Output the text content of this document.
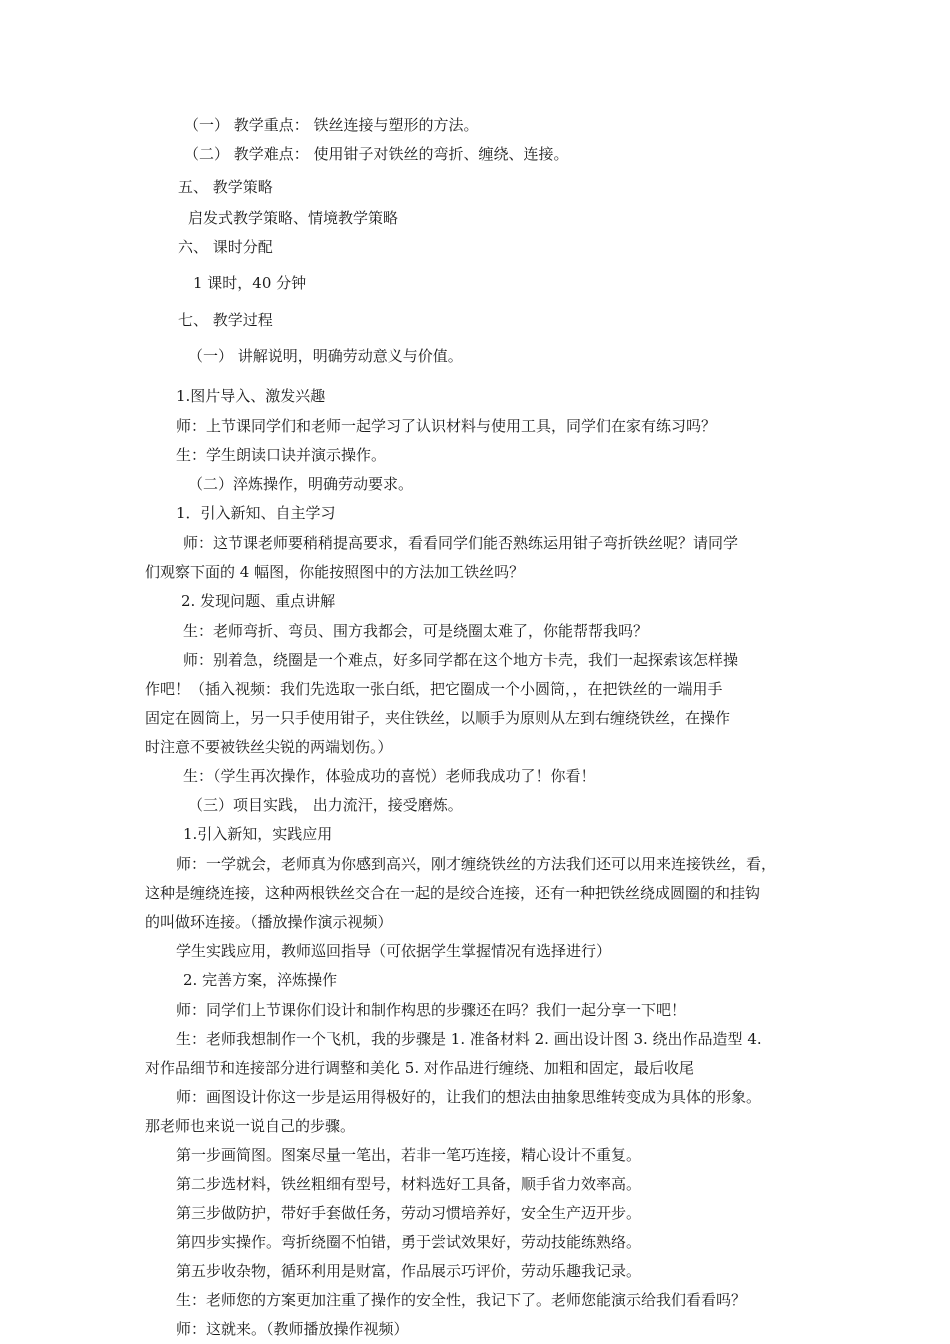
（一） 教学重点： 铁丝连接与塑形的方法。
（二） 教学难点： 使用钳子对铁丝的弯折、缠绕、连接。
五、 教学策略
启发式教学策略、情境教学策略
六、 课时分配
1 课时，40 分钟
七、 教学过程
（一） 讲解说明，明确劳动意义与价值。
1.图片导入、激发兴趣
师：上节课同学们和老师一起学习了认识材料与使用工具，同学们在家有练习吗？
生：学生朗读口诀并演示操作。
（二）淬炼操作，明确劳动要求。
1．引入新知、自主学习
师：这节课老师要稍稍提高要求，看看同学们能否熟练运用钳子弯折铁丝呢？请同学
们观察下面的 4 幅图，你能按照图中的方法加工铁丝吗？
2. 发现问题、重点讲解
生：老师弯折、弯员、围方我都会，可是绕圈太难了，你能帮帮我吗？
师：别着急，绕圈是一个难点，好多同学都在这个地方卡壳，我们一起探索该怎样操
作吧！（插入视频：我们先选取一张白纸，把它圈成一个小圆筒，，在把铁丝的一端用手
固定在圆筒上，另一只手使用钳子，夹住铁丝，以顺手为原则从左到右缠绕铁丝，在操作
时注意不要被铁丝尖锐的两端划伤。）
生：（学生再次操作，体验成功的喜悦）老师我成功了！你看！
（三）项目实践， 出力流汗，接受磨炼。
1.引入新知，实践应用
师：一学就会，老师真为你感到高兴，刚才缠绕铁丝的方法我们还可以用来连接铁丝，看，
这种是缠绕连接，这种两根铁丝交合在一起的是绞合连接，还有一种把铁丝绕成圆圈的和挂钩
的叫做环连接。（播放操作演示视频）
学生实践应用，教师巡回指导（可依据学生掌握情况有选择进行）
2. 完善方案，淬炼操作
师：同学们上节课你们设计和制作构思的步骤还在吗？我们一起分享一下吧！
生：老师我想制作一个飞机，我的步骤是 1. 准备材料 2. 画出设计图 3. 绕出作品造型 4.
对作品细节和连接部分进行调整和美化 5. 对作品进行缠绕、加粗和固定，最后收尾
师：画图设计你这一步是运用得极好的，让我们的想法由抽象思维转变成为具体的形象。
那老师也来说一说自己的步骤。
第一步画简图。图案尽量一笔出，若非一笔巧连接，精心设计不重复。
第二步选材料，铁丝粗细有型号，材料选好工具备，顺手省力效率高。
第三步做防护，带好手套做任务，劳动习惯培养好，安全生产迈开步。
第四步实操作。弯折绕圈不怕错，勇于尝试效果好，劳动技能练熟络。
第五步收杂物，循环利用是财富，作品展示巧评价，劳动乐趣我记录。
生：老师您的方案更加注重了操作的安全性，我记下了。老师您能演示给我们看看吗？
师：这就来。（教师播放操作视频）
